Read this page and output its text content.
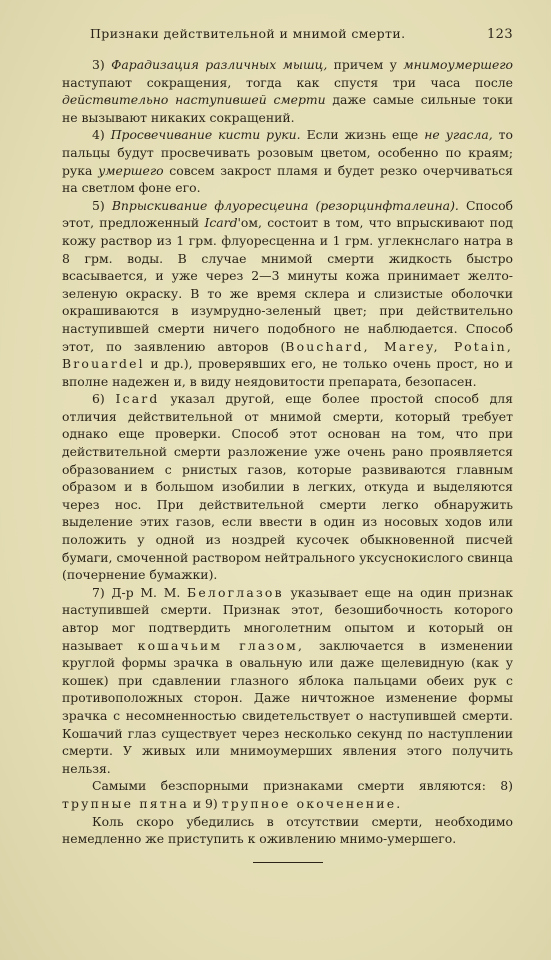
Признаки действительной и мнимой смерти.	123

3) Фарадизация различных мышц, причем у мнимоумершего наступают сокращения, тогда как спустя три часа после действительно наступившей смерти даже самые сильные токи не вызывают никаких сокращений.

4) Просвечивание кисти руки. Если жизнь еще не угасла, то пальцы будут просвечивать розовым цветом, особенно по краям; рука умершего совсем закрост пламя и будет резко очерчиваться на светлом фоне его.

5) Впрыскивание флуоресцеина (резорцинфталеина). Способ этот, предложенный Icard'ом, состоит в том, что впрыскивают под кожу раствор из 1 грм. флуоресценна и 1 грм. углекнслаго натра в 8 грм. воды. В случае мнимой смерти жидкость быстро всасывается, и уже через 2—3 минуты кожа принимает желто-зеленую окраску. В то же время склера и слизистые оболочки окрашиваются в изумрудно-зеленый цвет; при действительно наступившей смерти ничего подобного не наблюдается. Способ этот, по заявлению авторов (Bouchard, Marey, Potain, Brouardel и др.), проверявших его, не только очень прост, но и вполне надежен и, в виду неядовитости препарата, безопасен.

6) Icard указал другой, еще более простой способ для отличия действительной от мнимой смерти, который требует однако еще проверки. Способ этот основан на том, что при действительной смерти разложение уже очень рано проявляется образованием с рнистых газов, которые развиваются главным образом и в большом изобилии в легких, откуда и выделяются через нос. При действительной смерти легко обнаружить выделение этих газов, если ввести в один из носовых ходов или положить у одной из ноздрей кусочек обыкновенной писчей бумаги, смоченной раствором нейтрального уксуснокислого свинца (почернение бумажки).

7) Д-р М. М. Белоглазов указывает еще на один признак наступившей смерти. Признак этот, безошибочность которого автор мог подтвердить многолетним опытом и который он называет кошачьим глазом, заключается в изменении круглой формы зрачка в овальную или даже щелевидную (как у кошек) при сдавлении глазного яблока пальцами обеих рук с противоположных сторон. Даже ничтожное изменение формы зрачка с несомненностью свидетельствует о наступившей смерти. Кошачий глаз существует через несколько секунд по наступлении смерти. У живых или мнимоумерших явления этого получить нельзя.

Самыми безспорными признаками смерти являются: 8) трупные пятна и 9) трупное окоченение.

Коль скоро убедились в отсутствии смерти, необходимо немедленно же приступить к оживлению мнимо-умершего.
